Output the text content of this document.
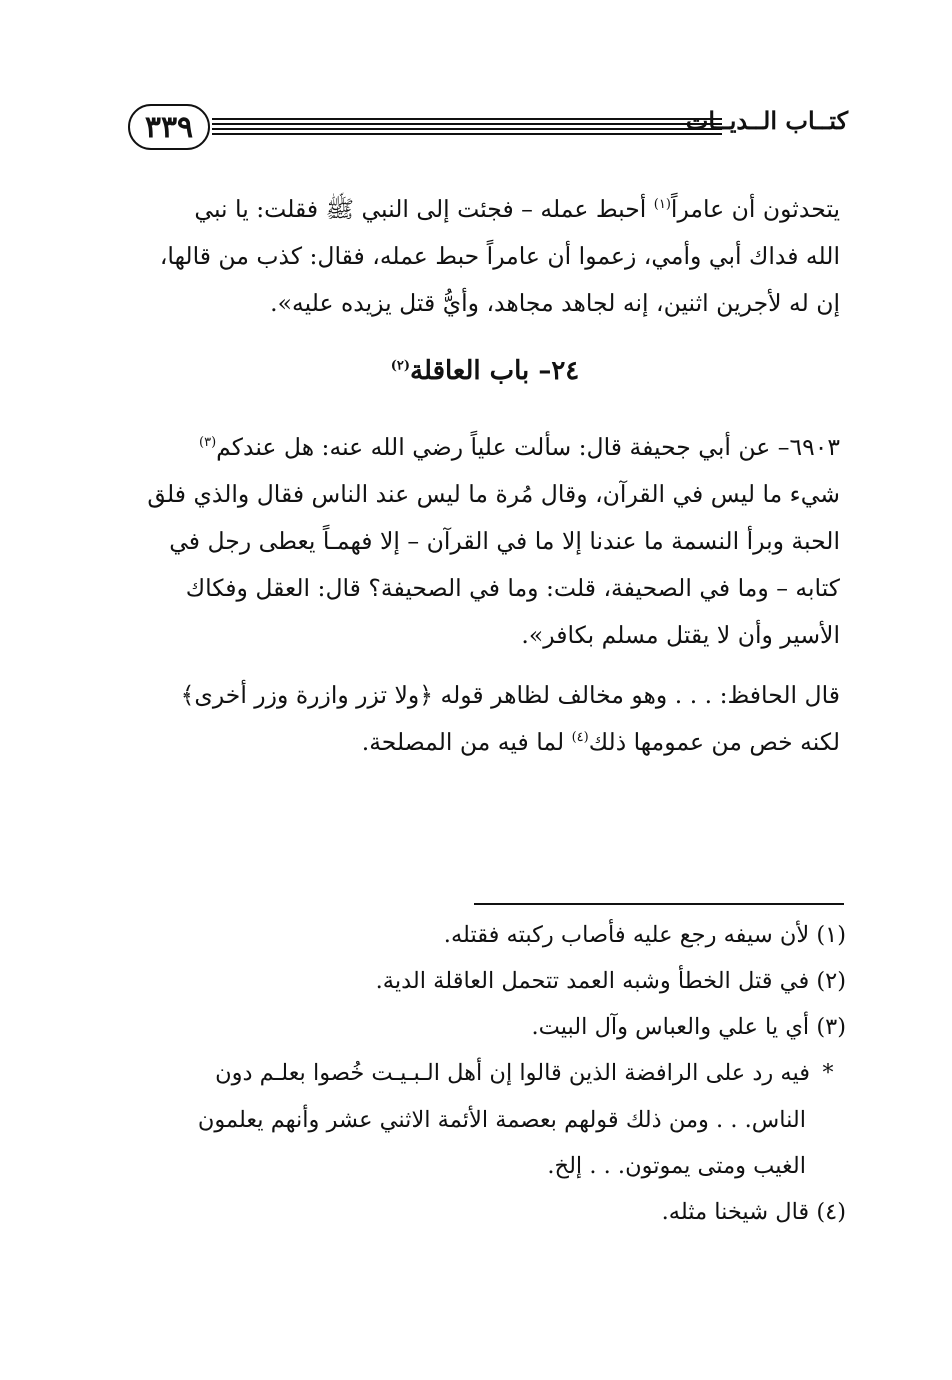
٣٣٩	كتــاب الــديــات
يتحدثون أن عامراً$^{(١)}$ أحبط عمله – فجئت إلى النبي ﷺ فقلت: يا نبي
الله فداك أبي وأمي، زعموا أن عامراً حبط عمله، فقال: كذب من قالها،
إن له لأجرين اثنين، إنه لجاهد مجاهد، وأيُّ قتل يزيده عليه».
٢٤– باب العاقلة$^{(٢)}$
٦٩٠٣– عن أبي جحيفة قال: سألت علياً رضي الله عنه: هل عندكم$^{(٣)}$
شيء ما ليس في القرآن، وقال مُرة ما ليس عند الناس فقال والذي فلق
الحبة وبرأ النسمة ما عندنا إلا ما في القرآن – إلا فهمـاً يعطى رجل في
كتابه – وما في الصحيفة، قلت: وما في الصحيفة؟ قال: العقل وفكاك
الأسير وأن لا يقتل مسلم بكافر».
قال الحافظ: . . . وهو مخالف لظاهر قوله ﴿ولا تزر وازرة وزر أخرى﴾
لكنه خص من عمومها ذلك$^{(٤)}$ لما فيه من المصلحة.
(١) لأن سيفه رجع عليه فأصاب ركبته فقتله.
(٢) في قتل الخطأ وشبه العمد تتحمل العاقلة الدية.
(٣) أي يا علي والعباس وآل البيت.
*فيه رد على الرافضة الذين قالوا إن أهل الـبـيـت خُصوا بعلـم دون
الناس. . . ومن ذلك قولهم بعصمة الأئمة الاثني عشر وأنهم يعلمون
الغيب ومتى يموتون. . . إلخ.
(٤) قال شيخنا مثله.
